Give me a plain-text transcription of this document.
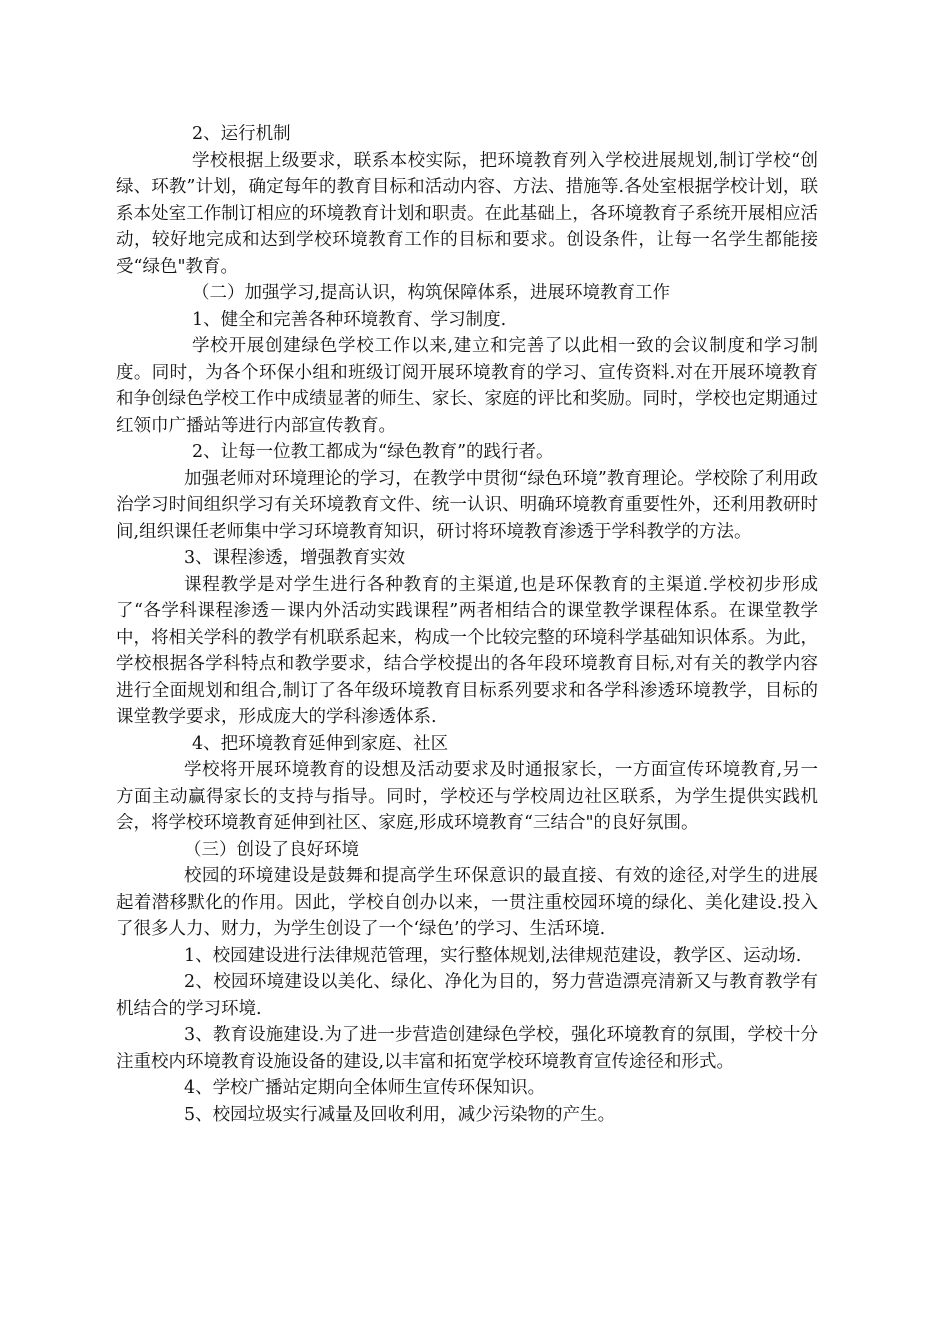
2、运行机制

学校根据上级要求，联系本校实际，把环境教育列入学校进展规划,制订学校“创绿、环教”计划，确定每年的教育目标和活动内容、方法、措施等.各处室根据学校计划，联系本处室工作制订相应的环境教育计划和职责。在此基础上，各环境教育子系统开展相应活动，较好地完成和达到学校环境教育工作的目标和要求。创设条件，让每一名学生都能接受“绿色"教育。

（二）加强学习,提高认识，构筑保障体系，进展环境教育工作

1、健全和完善各种环境教育、学习制度.

学校开展创建绿色学校工作以来,建立和完善了以此相一致的会议制度和学习制度。同时，为各个环保小组和班级订阅开展环境教育的学习、宣传资料.对在开展环境教育和争创绿色学校工作中成绩显著的师生、家长、家庭的评比和奖励。同时，学校也定期通过红领巾广播站等进行内部宣传教育。

2、让每一位教工都成为“绿色教育”的践行者。

加强老师对环境理论的学习，在教学中贯彻“绿色环境”教育理论。学校除了利用政治学习时间组织学习有关环境教育文件、统一认识、明确环境教育重要性外，还利用教研时间,组织课任老师集中学习环境教育知识，研讨将环境教育渗透于学科教学的方法。

3、课程渗透，增强教育实效

课程教学是对学生进行各种教育的主渠道,也是环保教育的主渠道.学校初步形成了“各学科课程渗透－课内外活动实践课程”两者相结合的课堂教学课程体系。在课堂教学中，将相关学科的教学有机联系起来，构成一个比较完整的环境科学基础知识体系。为此，学校根据各学科特点和教学要求，结合学校提出的各年段环境教育目标,对有关的教学内容进行全面规划和组合,制订了各年级环境教育目标系列要求和各学科渗透环境教学，目标的课堂教学要求，形成庞大的学科渗透体系.

4、把环境教育延伸到家庭、社区

学校将开展环境教育的设想及活动要求及时通报家长，一方面宣传环境教育,另一方面主动赢得家长的支持与指导。同时，学校还与学校周边社区联系，为学生提供实践机会，将学校环境教育延伸到社区、家庭,形成环境教育“三结合"的良好氛围。

（三）创设了良好环境

校园的环境建设是鼓舞和提高学生环保意识的最直接、有效的途径,对学生的进展起着潜移默化的作用。因此，学校自创办以来，一贯注重校园环境的绿化、美化建设.投入了很多人力、财力，为学生创设了一个‘绿色’的学习、生活环境.

1、校园建设进行法律规范管理，实行整体规划,法律规范建设，教学区、运动场.

2、校园环境建设以美化、绿化、净化为目的，努力营造漂亮清新又与教育教学有机结合的学习环境.

3、教育设施建设.为了进一步营造创建绿色学校，强化环境教育的氛围，学校十分注重校内环境教育设施设备的建设,以丰富和拓宽学校环境教育宣传途径和形式。

4、学校广播站定期向全体师生宣传环保知识。

5、校园垃圾实行减量及回收利用，减少污染物的产生。
